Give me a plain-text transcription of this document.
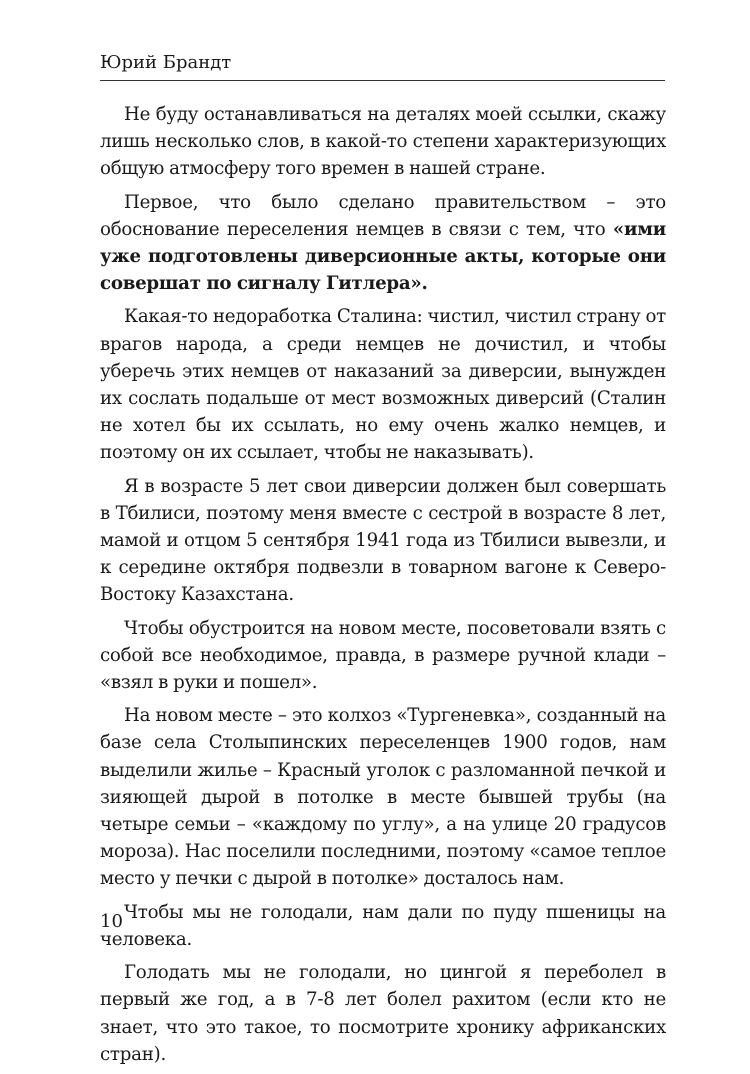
Юрий Брандт

Не буду останавливаться на деталях моей ссылки, скажу лишь несколько слов, в какой-то степени характеризующих общую атмосферу того времен в нашей стране.

Первое, что было сделано правительством – это обоснование переселения немцев в связи с тем, что «ими уже подготовлены диверсионные акты, которые они совершат по сигналу Гитлера».

Какая-то недоработка Сталина: чистил, чистил страну от врагов народа, а среди немцев не дочистил, и чтобы уберечь этих немцев от наказаний за диверсии, вынужден их сослать подальше от мест возможных диверсий (Сталин не хотел бы их ссылать, но ему очень жалко немцев, и поэтому он их ссылает, чтобы не наказывать).

Я в возрасте 5 лет свои диверсии должен был совершать в Тбилиси, поэтому меня вместе с сестрой в возрасте 8 лет, мамой и отцом 5 сентября 1941 года из Тбилиси вывезли, и к середине октября подвезли в товарном вагоне к Северо-Востоку Казахстана.

Чтобы обустроится на новом месте, посоветовали взять с собой все необходимое, правда, в размере ручной клади – «взял в руки и пошел».

На новом месте – это колхоз «Тургеневка», созданный на базе села Столыпинских переселенцев 1900 годов, нам выделили жилье – Красный уголок с разломанной печкой и зияющей дырой в потолке в месте бывшей трубы (на четыре семьи – «каждому по углу», а на улице 20 градусов мороза). Нас поселили последними, поэтому «самое теплое место у печки с дырой в потолке» досталось нам.

Чтобы мы не голодали, нам дали по пуду пшеницы на человека.

Голодать мы не голодали, но цингой я переболел в первый же год, а в 7-8 лет болел рахитом (если кто не знает, что это такое, то посмотрите хронику африканских стран).

10
